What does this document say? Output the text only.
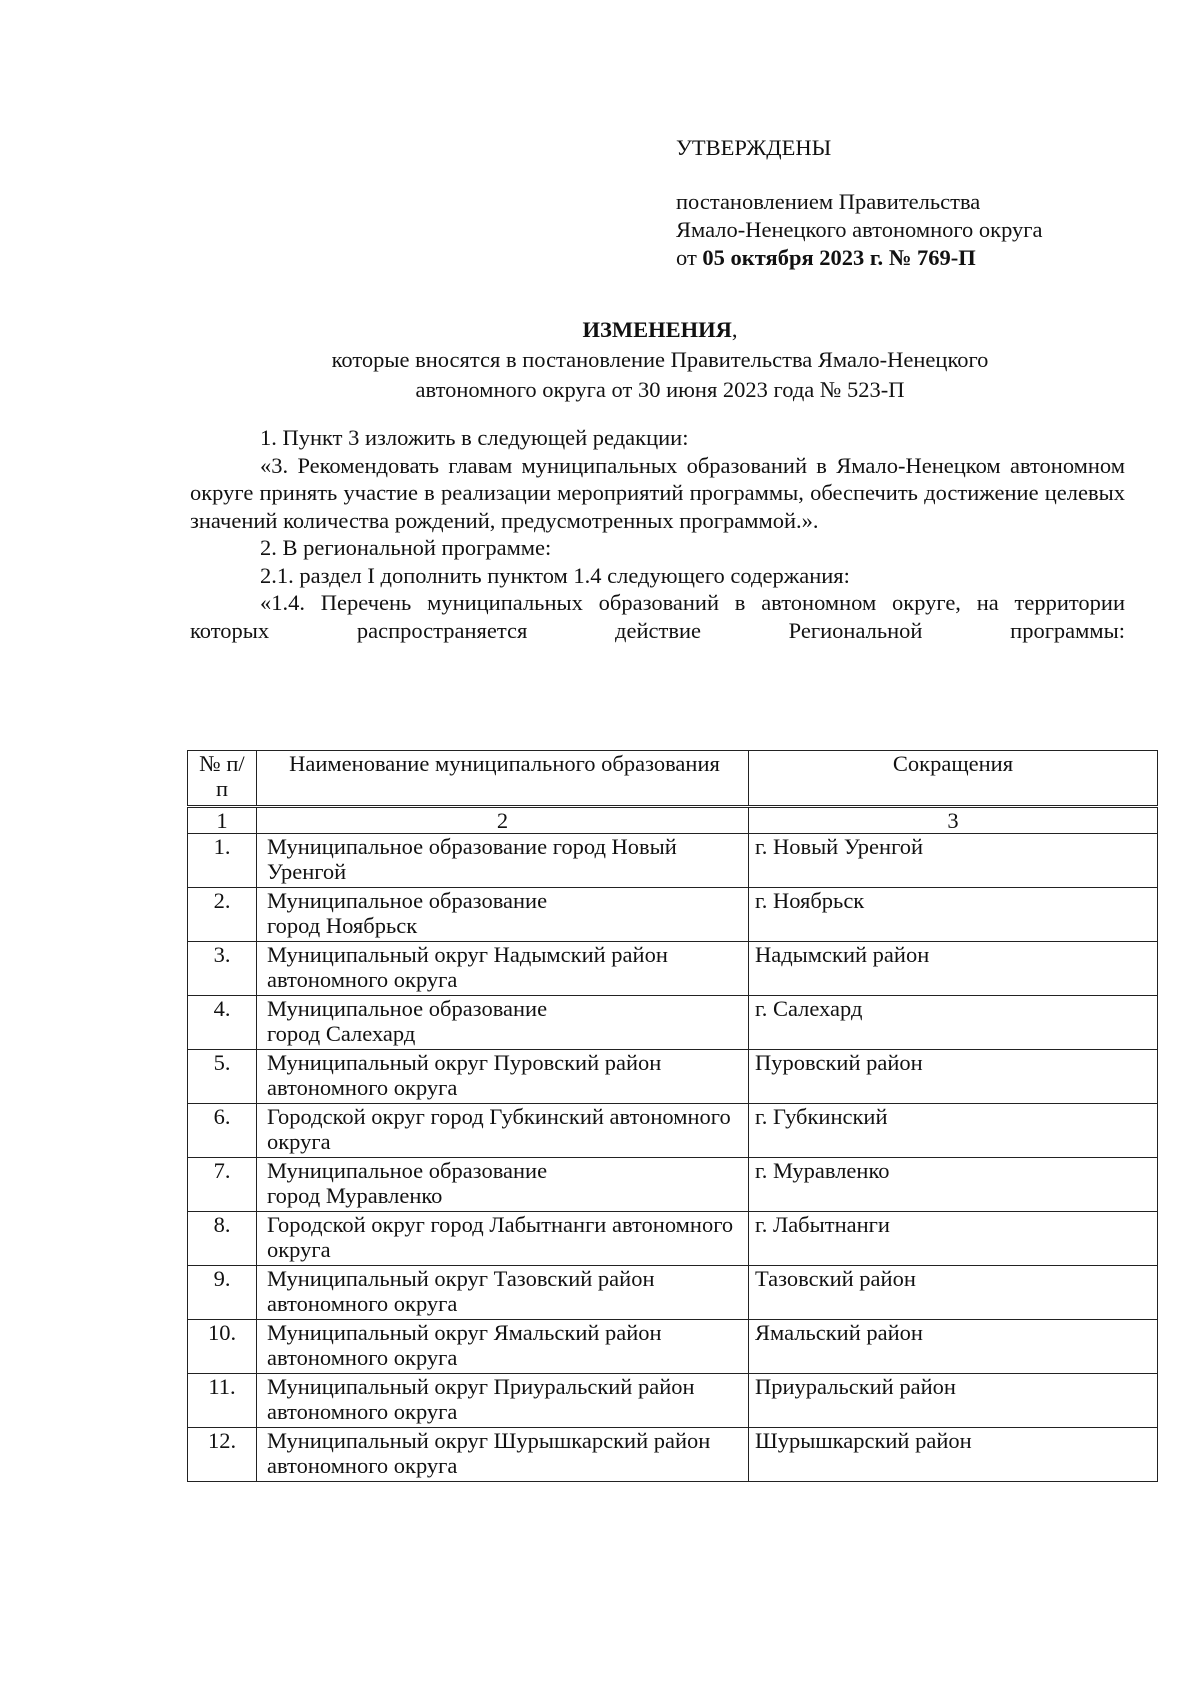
УТВЕРЖДЕНЫ
постановлением Правительства
Ямало-Ненецкого автономного округа
от 05 октября 2023 г. № 769-П
ИЗМЕНЕНИЯ,
которые вносятся в постановление Правительства Ямало-Ненецкого
автономного округа от 30 июня 2023 года № 523-П

1. Пункт 3 изложить в следующей редакции:

«3. Рекомендовать главам муниципальных образований в Ямало-Ненецком автономном округе принять участие в реализации мероприятий программы, обеспечить достижение целевых значений количества рождений, предусмотренных программой.».

2. В региональной программе:

2.1. раздел I дополнить пунктом 1.4 следующего содержания:

«1.4. Перечень муниципальных образований в автономном округе, на территории которых распространяется действие Региональной программы:

№ п/п	Наименование муниципального образования	Сокращения
1	2	3
1.	Муниципальное образование город Новый Уренгой	г. Новый Уренгой
2.	Муниципальное образование
город Ноябрьск	г. Ноябрьск
3.	Муниципальный округ Надымский район автономного округа	Надымский район
4.	Муниципальное образование
город Салехард	г. Салехард
5.	Муниципальный округ Пуровский район автономного округа	Пуровский район
6.	Городской округ город Губкинский автономного округа	г. Губкинский
7.	Муниципальное образование
город Муравленко	г. Муравленко
8.	Городской округ город Лабытнанги автономного округа	г. Лабытнанги
9.	Муниципальный округ Тазовский район автономного округа	Тазовский район
10.	Муниципальный округ Ямальский район автономного округа	Ямальский район
11.	Муниципальный округ Приуральский район автономного округа	Приуральский район
12.	Муниципальный округ Шурышкарский район автономного округа	Шурышкарский район
